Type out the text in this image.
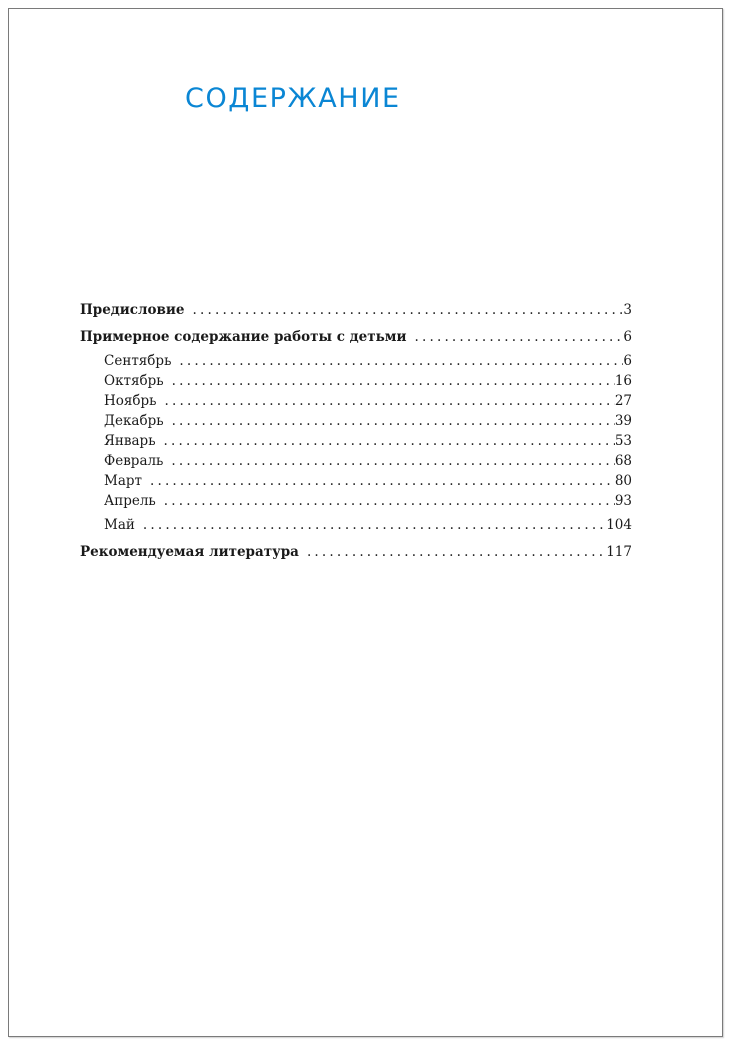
СОДЕРЖАНИЕ
Предисловие . . .	3
Примерное содержание работы с детьми . . .	6
Сентябрь . . .	6
Октябрь . . .	16
Ноябрь . . .	27
Декабрь . . .	39
Январь . . .	53
Февраль . . .	68
Март . . .	80
Апрель . . .	93
Май . . .	104
Рекомендуемая литература . . .	117
